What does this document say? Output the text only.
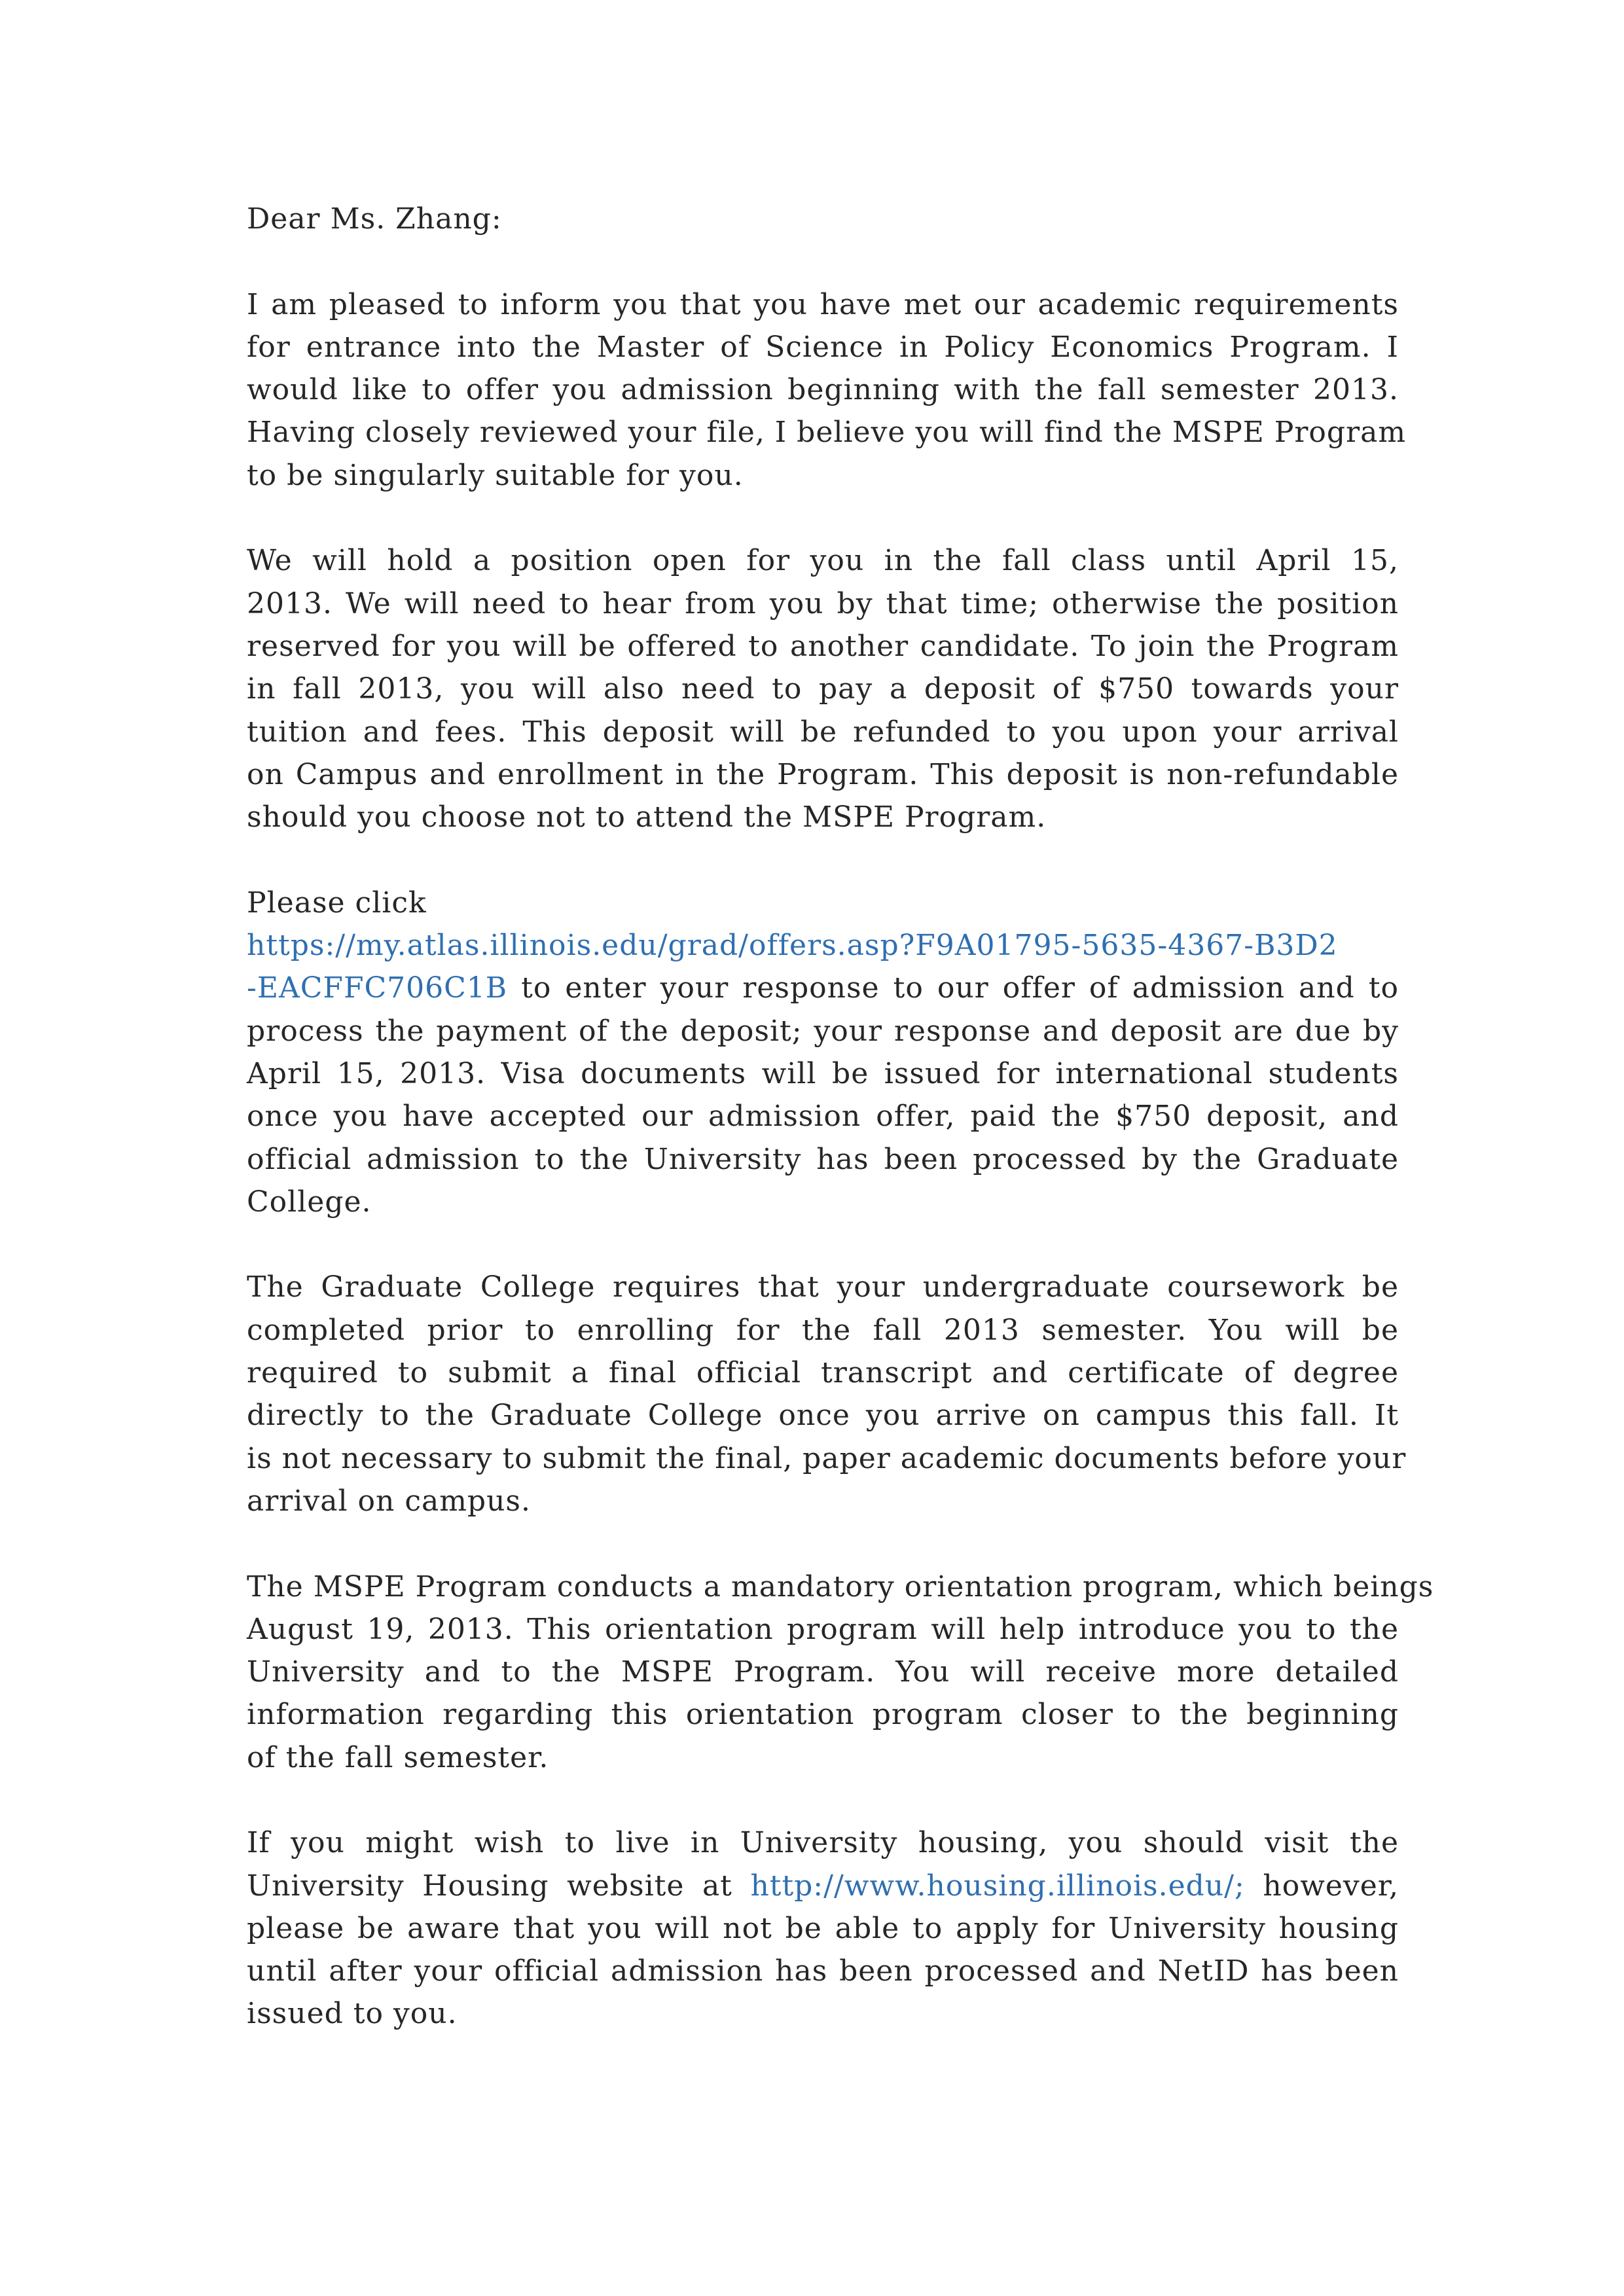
Dear Ms. Zhang:
I am pleased to inform you that you have met our academic requirements
for entrance into the Master of Science in Policy Economics Program. I
would like to offer you admission beginning with the fall semester 2013.
Having closely reviewed your file, I believe you will find the MSPE Program
to be singularly suitable for you.
We will hold a position open for you in the fall class until April 15,
2013. We will need to hear from you by that time; otherwise the position
reserved for you will be offered to another candidate. To join the Program
in fall 2013, you will also need to pay a deposit of $750 towards your
tuition and fees. This deposit will be refunded to you upon your arrival
on Campus and enrollment in the Program. This deposit is non-refundable
should you choose not to attend the MSPE Program.
Please click
https://my.atlas.illinois.edu/grad/offers.asp?F9A01795-5635-4367-B3D2
-EACFFC706C1B to enter your response to our offer of admission and to
process the payment of the deposit; your response and deposit are due by
April 15, 2013. Visa documents will be issued for international students
once you have accepted our admission offer, paid the $750 deposit, and
official admission to the University has been processed by the Graduate
College.
The Graduate College requires that your undergraduate coursework be
completed prior to enrolling for the fall 2013 semester. You will be
required to submit a final official transcript and certificate of degree
directly to the Graduate College once you arrive on campus this fall. It
is not necessary to submit the final, paper academic documents before your
arrival on campus.
The MSPE Program conducts a mandatory orientation program, which beings
August 19, 2013. This orientation program will help introduce you to the
University and to the MSPE Program. You will receive more detailed
information regarding this orientation program closer to the beginning
of the fall semester.
If you might wish to live in University housing, you should visit the
University Housing website at http://www.housing.illinois.edu/; however,
please be aware that you will not be able to apply for University housing
until after your official admission has been processed and NetID has been
issued to you.
